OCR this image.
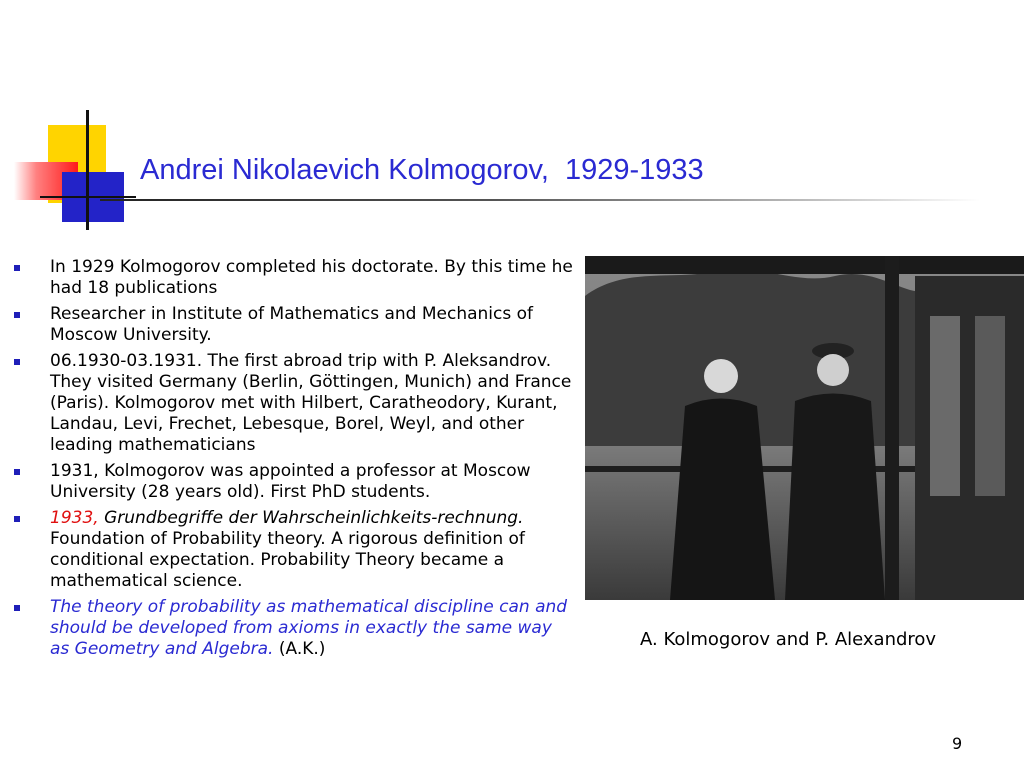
Andrei Nikolaevich Kolmogorov,  1929-1933
In 1929 Kolmogorov completed his doctorate. By this time he had 18 publications
Researcher in Institute of Mathematics and Mechanics of Moscow University.
06.1930-03.1931. The first abroad trip with P. Aleksandrov. They visited Germany (Berlin, Göttingen, Munich) and France (Paris). Kolmogorov met with Hilbert, Caratheodory, Kurant, Landau, Levi, Frechet, Lebesque, Borel, Weyl, and other leading mathematicians
1931, Kolmogorov was appointed a professor at Moscow University (28 years old). First PhD students.
1933, Grundbegriffe der Wahrscheinlichkeits-rechnung. Foundation of Probability theory. A rigorous definition of conditional expectation. Probability Theory became a mathematical science.
The theory of probability as mathematical discipline can and should be developed from axioms in exactly the same way as Geometry and Algebra. (A.K.)	A. Kolmogorov and P. Alexandrov
9
